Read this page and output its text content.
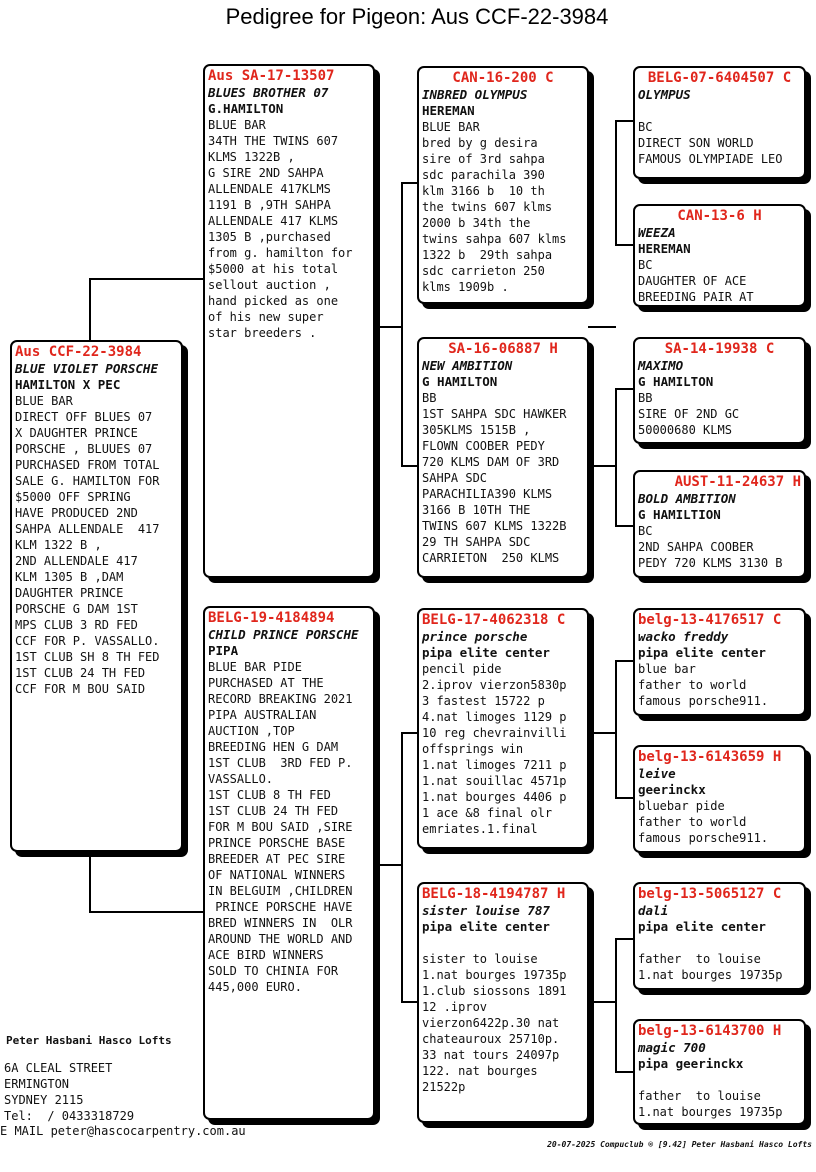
Pedigree for Pigeon: Aus CCF-22-3984
Aus CCF-22-3984
BLUE VIOLET PORSCHE
HAMILTON X PEC
BLUE BAR
DIRECT OFF BLUES 07
X DAUGHTER PRINCE
PORSCHE , BLUUES 07
PURCHASED FROM TOTAL
SALE G. HAMILTON FOR
$5000 OFF SPRING
HAVE PRODUCED 2ND
SAHPA ALLENDALE  417
KLM 1322 B ,
2ND ALLENDALE 417
KLM 1305 B ,DAM
DAUGHTER PRINCE
PORSCHE G DAM 1ST
MPS CLUB 3 RD FED
CCF FOR P. VASSALLO.
1ST CLUB SH 8 TH FED
1ST CLUB 24 TH FED
CCF FOR M BOU SAID
Aus SA-17-13507
BLUES BROTHER 07
G.HAMILTON
BLUE BAR
34TH THE TWINS 607
KLMS 1322B ,
G SIRE 2ND SAHPA
ALLENDALE 417KLMS
1191 B ,9TH SAHPA
ALLENDALE 417 KLMS
1305 B ,purchased
from g. hamilton for
$5000 at his total
sellout auction ,
hand picked as one
of his new super
star breeders .
BELG-19-4184894
CHILD PRINCE PORSCHE
PIPA
BLUE BAR PIDE
PURCHASED AT THE
RECORD BREAKING 2021
PIPA AUSTRALIAN
AUCTION ,TOP
BREEDING HEN G DAM
1ST CLUB  3RD FED P.
VASSALLO.
1ST CLUB 8 TH FED
1ST CLUB 24 TH FED
FOR M BOU SAID ,SIRE
PRINCE PORSCHE BASE
BREEDER AT PEC SIRE
OF NATIONAL WINNERS
IN BELGUIM ,CHILDREN
PRINCE PORSCHE HAVE
BRED WINNERS IN  OLR
AROUND THE WORLD AND
ACE BIRD WINNERS
SOLD TO CHINIA FOR
445,000 EURO.
CAN-16-200 C
INBRED OLYMPUS
HEREMAN
BLUE BAR
bred by g desira
sire of 3rd sahpa
sdc parachila 390
klm 3166 b  10 th
the twins 607 klms
2000 b 34th the
twins sahpa 607 klms
1322 b  29th sahpa
sdc carrieton 250
klms 1909b .
SA-16-06887 H
NEW AMBITION
G HAMILTON
BB
1ST SAHPA SDC HAWKER
305KLMS 1515B ,
FLOWN COOBER PEDY
720 KLMS DAM OF 3RD
SAHPA SDC
PARACHILIA390 KLMS
3166 B 10TH THE
TWINS 607 KLMS 1322B
29 TH SAHPA SDC
CARRIETON  250 KLMS
BELG-17-4062318 C
prince porsche
pipa elite center
pencil pide
2.iprov vierzon5830p
3 fastest 15722 p
4.nat limoges 1129 p
10 reg chevrainvilli
offsprings win
1.nat limoges 7211 p
1.nat souillac 4571p
1.nat bourges 4406 p
1 ace &8 final olr
emriates.1.final
BELG-18-4194787 H
sister louise 787
pipa elite center

sister to louise
1.nat bourges 19735p
1.club siossons 1891
12 .iprov
vierzon6422p.30 nat
chateauroux 25710p.
33 nat tours 24097p
122. nat bourges
21522p
BELG-07-6404507 C
OLYMPUS

BC
DIRECT SON WORLD
FAMOUS OLYMPIADE LEO
CAN-13-6 H
WEEZA
HEREMAN
BC
DAUGHTER OF ACE
BREEDING PAIR AT
SA-14-19938 C
MAXIMO
G HAMILTON
BB
SIRE OF 2ND GC
50000680 KLMS
AUST-11-24637 H
BOLD AMBITION
G HAMILTION
BC
2ND SAHPA COOBER
PEDY 720 KLMS 3130 B
belg-13-4176517 C
wacko freddy
pipa elite center
blue bar
father to world
famous porsche911.
belg-13-6143659 H
leive
geerinckx
bluebar pide
father to world
famous porsche911.
belg-13-5065127 C
dali
pipa elite center

father  to louise
1.nat bourges 19735p
belg-13-6143700 H
magic 700
pipa geerinckx

father  to louise
1.nat bourges 19735p
Peter Hasbani Hasco Lofts
6A CLEAL STREET
ERMINGTON
SYDNEY 2115
Tel:  / 0433318729
E MAIL peter@hascocarpentry.com.au
20-07-2025 Compuclub ® [9.42] Peter Hasbani Hasco Lofts
